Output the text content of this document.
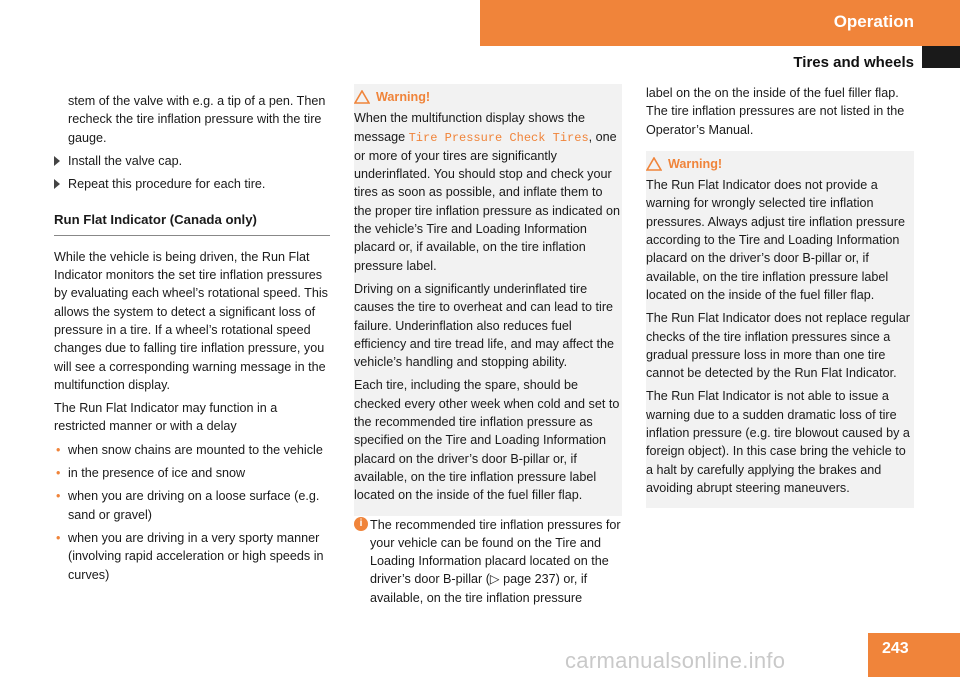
Operation
Tires and wheels

stem of the valve with e.g. a tip of a pen. Then recheck the tire inflation pressure with the tire gauge.

Install the valve cap.

Repeat this procedure for each tire.

Run Flat Indicator (Canada only)

While the vehicle is being driven, the Run Flat Indicator monitors the set tire inflation pressures by evaluating each wheel’s rotational speed. This allows the system to detect a significant loss of pressure in a tire. If a wheel’s rotational speed changes due to falling tire inflation pressure, you will see a corresponding warning message in the multifunction display.

The Run Flat Indicator may function in a restricted manner or with a delay

• when snow chains are mounted to the vehicle

• in the presence of ice and snow

• when you are driving on a loose surface (e.g. sand or gravel)

• when you are driving in a very sporty manner (involving rapid acceleration or high speeds in curves)

Warning!

When the multifunction display shows the message Tire Pressure Check Tires, one or more of your tires are significantly underinflated. You should stop and check your tires as soon as possible, and inflate them to the proper tire inflation pressure as indicated on the vehicle’s Tire and Loading Information placard or, if available, on the tire inflation pressure label.

Driving on a significantly underinflated tire causes the tire to overheat and can lead to tire failure. Underinflation also reduces fuel efficiency and tire tread life, and may affect the vehicle’s handling and stopping ability.

Each tire, including the spare, should be checked every other week when cold and set to the recommended tire inflation pressure as specified on the Tire and Loading Information placard on the driver’s door B-pillar or, if available, on the tire inflation pressure label located on the inside of the fuel filler flap.

i The recommended tire inflation pressures for your vehicle can be found on the Tire and Loading Information placard located on the driver’s door B-pillar (▷ page 237) or, if available, on the tire inflation pressure

label on the on the inside of the fuel filler flap. The tire inflation pressures are not listed in the Operator’s Manual.

Warning!

The Run Flat Indicator does not provide a warning for wrongly selected tire inflation pressures. Always adjust tire inflation pressure according to the Tire and Loading Information placard on the driver’s door B-pillar or, if available, on the tire inflation pressure label located on the inside of the fuel filler flap.

The Run Flat Indicator does not replace regular checks of the tire inflation pressures since a gradual pressure loss in more than one tire cannot be detected by the Run Flat Indicator.

The Run Flat Indicator is not able to issue a warning due to a sudden dramatic loss of tire inflation pressure (e.g. tire blowout caused by a foreign object). In this case bring the vehicle to a halt by carefully applying the brakes and avoiding abrupt steering maneuvers.

243
carmanualsonline.info
